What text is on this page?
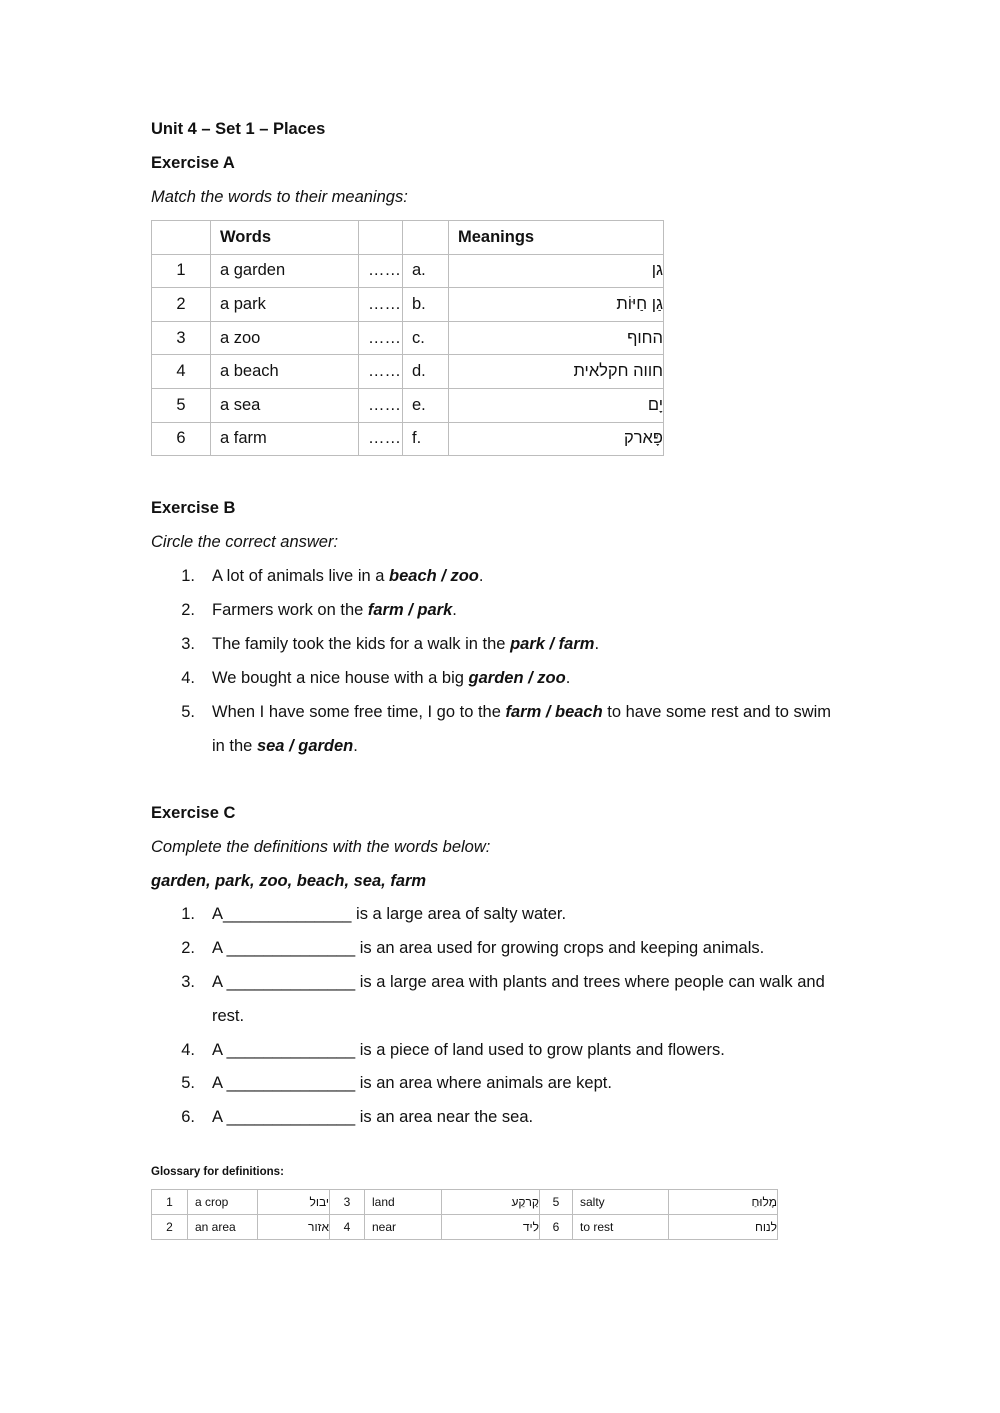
Unit 4 – Set 1 – Places
Exercise A
Match the words to their meanings:
	Words			Meanings
1	a garden	……	a.	גן
2	a park	……	b.	גַן חַיּוֹת
3	a zoo	……	c.	החוף
4	a beach	……	d.	חווה חקלאית
5	a sea	……	e.	יָם
6	a farm	……	f.	פָּארק
Exercise B
Circle the correct answer:
1. A lot of animals live in a beach / zoo.
2. Farmers work on the farm / park.
3. The family took the kids for a walk in the park / farm.
4. We bought a nice house with a big garden / zoo.
5. When I have some free time, I go to the farm / beach to have some rest and to swim
in the sea / garden.
Exercise C
Complete the definitions with the words below:
garden, park, zoo, beach, sea, farm
1. A______________ is a large area of salty water.
2. A ______________ is an area used for growing crops and keeping animals.
3. A ______________ is a large area with plants and trees where people can walk and
rest.
4. A ______________ is a piece of land used to grow plants and flowers.
5. A ______________ is an area where animals are kept.
6. A ______________ is an area near the sea.
Glossary for definitions:
1	a crop	יבול	3	land	קַרקַע	5	salty	מָלוּחַ
2	an area	אזור	4	near	ליד	6	to rest	לנוח
